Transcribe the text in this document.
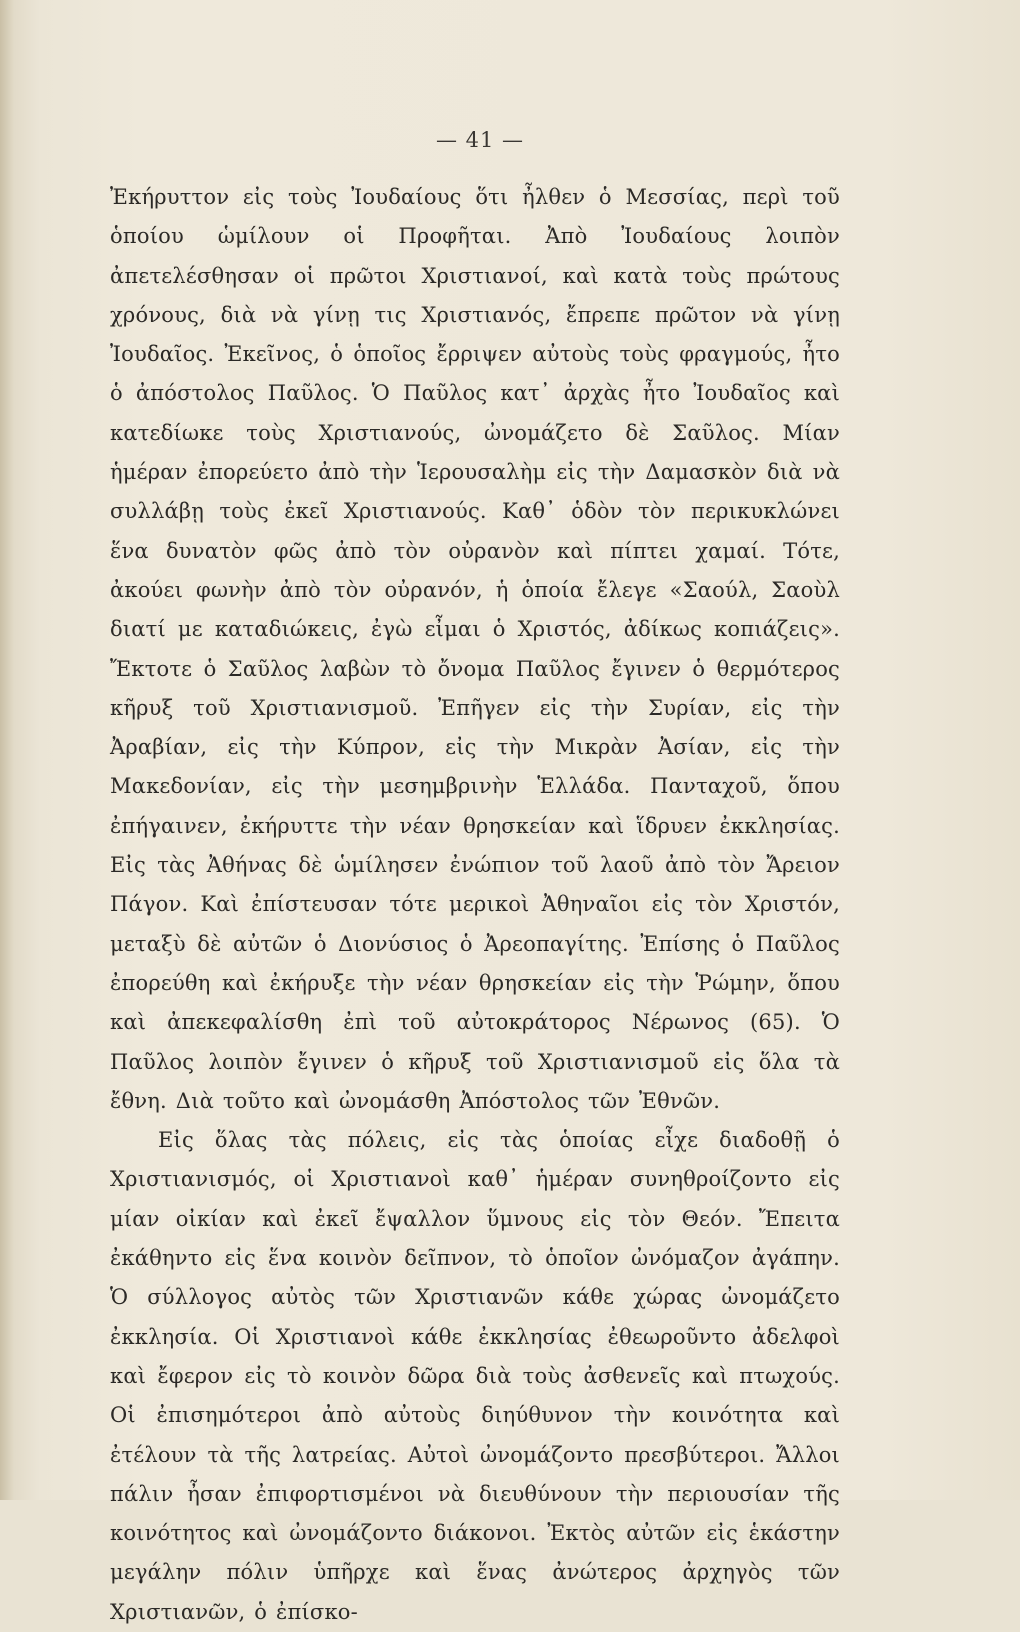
— 41 —

Ἐκήρυττον εἰς τοὺς Ἰουδαίους ὅτι ἦλθεν ὁ Μεσσίας, περὶ τοῦ ὁποίου ὡμίλουν οἱ Προφῆται. Ἀπὸ Ἰουδαίους λοιπὸν ἀπετελέσθησαν οἱ πρῶτοι Χριστιανοί, καὶ κατὰ τοὺς πρώτους χρόνους, διὰ νὰ γίνῃ τις Χριστιανός, ἔπρεπε πρῶτον νὰ γίνῃ Ἰουδαῖος. Ἐκεῖνος, ὁ ὁποῖος ἔρριψεν αὐτοὺς τοὺς φραγμούς, ἦτο ὁ ἀπόστολος Παῦλος. Ὁ Παῦλος κατ᾽ ἀρχὰς ἦτο Ἰουδαῖος καὶ κατεδίωκε τοὺς Χριστιανούς, ὠνομάζετο δὲ Σαῦλος. Μίαν ἡμέραν ἐπορεύετο ἀπὸ τὴν Ἱερουσαλὴμ εἰς τὴν Δαμασκὸν διὰ νὰ συλλάβῃ τοὺς ἐκεῖ Χριστιανούς. Καθ᾽ ὁδὸν τὸν περικυκλώνει ἕνα δυνατὸν φῶς ἀπὸ τὸν οὐρανὸν καὶ πίπτει χαμαί. Τότε, ἀκούει φωνὴν ἀπὸ τὸν οὐρανόν, ἡ ὁποία ἔλεγε «Σαούλ, Σαοὺλ διατί με καταδιώκεις, ἐγὼ εἶμαι ὁ Χριστός, ἀδίκως κοπιάζεις». Ἔκτοτε ὁ Σαῦλος λαβὼν τὸ ὄνομα Παῦλος ἔγινεν ὁ θερμότερος κῆρυξ τοῦ Χριστιανισμοῦ. Ἐπῆγεν εἰς τὴν Συρίαν, εἰς τὴν Ἀραβίαν, εἰς τὴν Κύπρον, εἰς τὴν Μικρὰν Ἀσίαν, εἰς τὴν Μακεδονίαν, εἰς τὴν μεσημβρινὴν Ἑλλάδα. Πανταχοῦ, ὅπου ἐπήγαινεν, ἐκήρυττε τὴν νέαν θρησκείαν καὶ ἵδρυεν ἐκκλησίας. Εἰς τὰς Ἀθήνας δὲ ὡμίλησεν ἐνώπιον τοῦ λαοῦ ἀπὸ τὸν Ἄρειον Πάγον. Καὶ ἐπίστευσαν τότε μερικοὶ Ἀθηναῖοι εἰς τὸν Χριστόν, μεταξὺ δὲ αὐτῶν ὁ Διονύσιος ὁ Ἀρεοπαγίτης. Ἐπίσης ὁ Παῦλος ἐπορεύθη καὶ ἐκήρυξε τὴν νέαν θρησκείαν εἰς τὴν Ῥώμην, ὅπου καὶ ἀπεκεφαλίσθη ἐπὶ τοῦ αὐτοκράτορος Νέρωνος (65). Ὁ Παῦλος λοιπὸν ἔγινεν ὁ κῆρυξ τοῦ Χριστιανισμοῦ εἰς ὅλα τὰ ἔθνη. Διὰ τοῦτο καὶ ὠνομάσθη Ἀπόστολος τῶν Ἐθνῶν.

Εἰς ὅλας τὰς πόλεις, εἰς τὰς ὁποίας εἶχε διαδοθῇ ὁ Χριστιανισμός, οἱ Χριστιανοὶ καθ᾽ ἡμέραν συνηθροίζοντο εἰς μίαν οἰκίαν καὶ ἐκεῖ ἔψαλλον ὕμνους εἰς τὸν Θεόν. Ἔπειτα ἐκάθηντο εἰς ἕνα κοινὸν δεῖπνον, τὸ ὁποῖον ὠνόμαζον ἀγάπην. Ὁ σύλλογος αὐτὸς τῶν Χριστιανῶν κάθε χώρας ὠνομάζετο ἐκκλησία. Οἱ Χριστιανοὶ κάθε ἐκκλησίας ἐθεωροῦντο ἀδελφοὶ καὶ ἔφερον εἰς τὸ κοινὸν δῶρα διὰ τοὺς ἀσθενεῖς καὶ πτωχούς. Οἱ ἐπισημότεροι ἀπὸ αὐτοὺς διηύθυνον τὴν κοινότητα καὶ ἐτέλουν τὰ τῆς λατρείας. Αὐτοὶ ὠνομάζοντο πρεσβύτεροι. Ἄλλοι πάλιν ἦσαν ἐπιφορτισμένοι νὰ διευθύνουν τὴν περιουσίαν τῆς κοινότητος καὶ ὠνομάζοντο διάκονοι. Ἐκτὸς αὐτῶν εἰς ἑκάστην μεγάλην πόλιν ὑπῆρχε καὶ ἕνας ἀνώτερος ἀρχηγὸς τῶν Χριστιανῶν, ὁ ἐπίσκο-
